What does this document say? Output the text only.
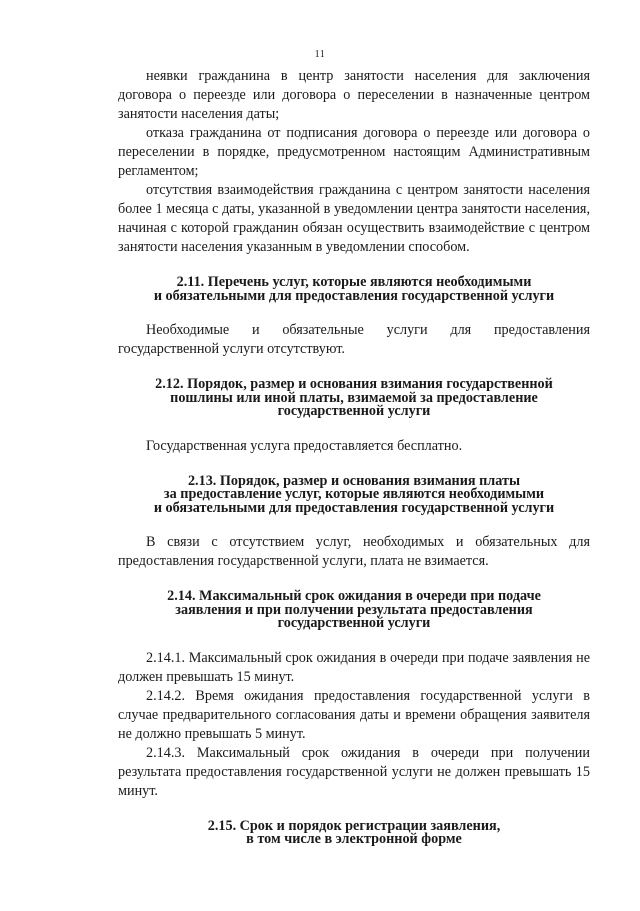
11

неявки гражданина в центр занятости населения для заключения договора о переезде или договора о переселении в назначенные центром занятости населения даты;

отказа гражданина от подписания договора о переезде или договора о переселении в порядке, предусмотренном настоящим Административным регламентом;

отсутствия взаимодействия гражданина с центром занятости населения более 1 месяца с даты, указанной в уведомлении центра занятости населения, начиная с которой гражданин обязан осуществить взаимодействие с центром занятости населения указанным в уведомлении способом.

2.11. Перечень услуг, которые являются необходимыми
и обязательными для предоставления государственной услуги

Необходимые и обязательные услуги для предоставления государственной услуги отсутствуют.

2.12. Порядок, размер и основания взимания государственной
пошлины или иной платы, взимаемой за предоставление
государственной услуги

Государственная услуга предоставляется бесплатно.

2.13. Порядок, размер и основания взимания платы
за предоставление услуг, которые являются необходимыми
и обязательными для предоставления государственной услуги

В связи с отсутствием услуг, необходимых и обязательных для предоставления государственной услуги, плата не взимается.

2.14. Максимальный срок ожидания в очереди при подаче
заявления и при получении результата предоставления
государственной услуги

2.14.1. Максимальный срок ожидания в очереди при подаче заявления не должен превышать 15 минут.

2.14.2. Время ожидания предоставления государственной услуги в случае предварительного согласования даты и времени обращения заявителя не должно превышать 5 минут.

2.14.3. Максимальный срок ожидания в очереди при получении результата предоставления государственной услуги не должен превышать 15 минут.

2.15. Срок и порядок регистрации заявления,
в том числе в электронной форме
